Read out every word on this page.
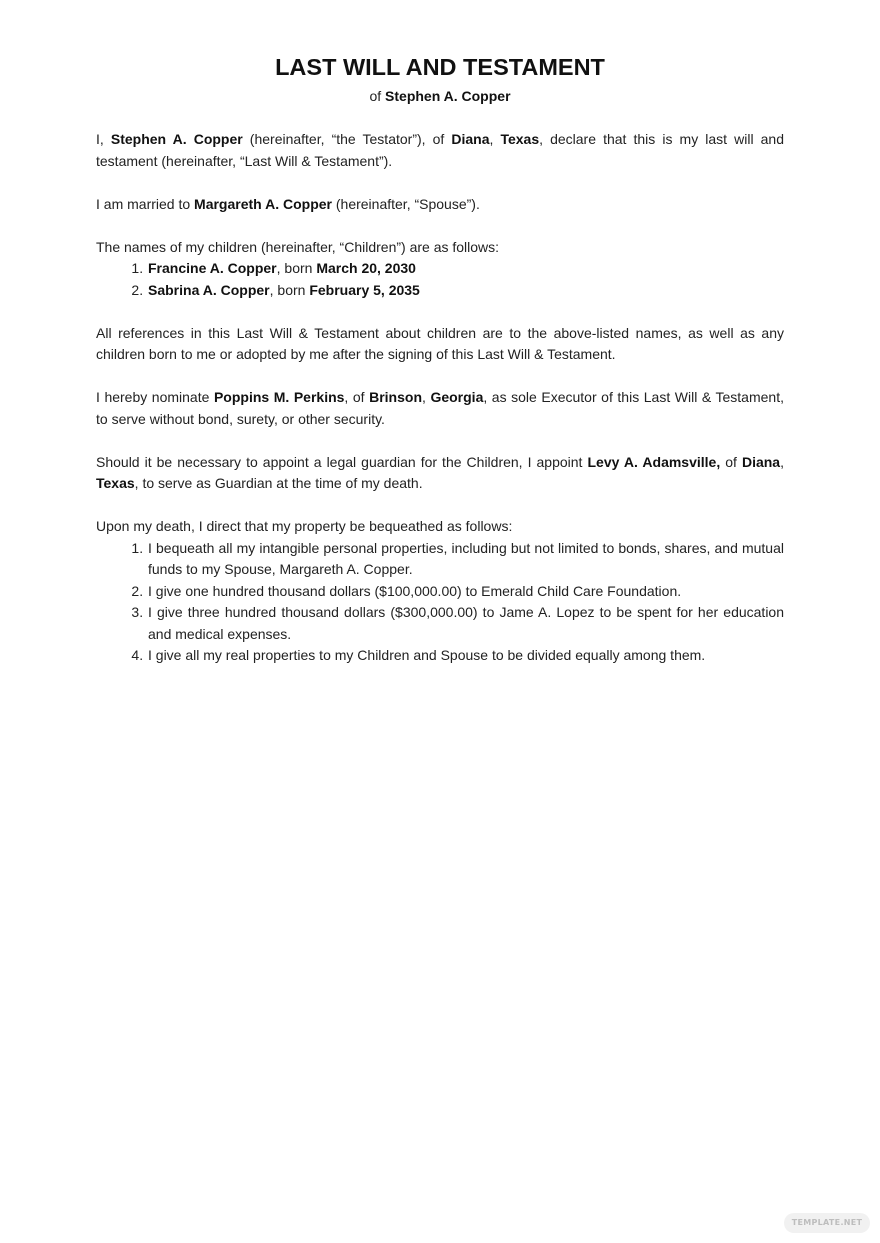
LAST WILL AND TESTAMENT
of Stephen A. Copper

I, Stephen A. Copper (hereinafter, “the Testator”), of Diana, Texas, declare that this is my last will and testament (hereinafter, “Last Will & Testament”).

I am married to Margareth A. Copper (hereinafter, “Spouse”).

The names of my children (hereinafter, “Children”) are as follows:

1. Francine A. Copper, born March 20, 2030
2. Sabrina A. Copper, born February 5, 2035

All references in this Last Will & Testament about children are to the above-listed names, as well as any children born to me or adopted by me after the signing of this Last Will & Testament.

I hereby nominate Poppins M. Perkins, of Brinson, Georgia, as sole Executor of this Last Will & Testament, to serve without bond, surety, or other security.

Should it be necessary to appoint a legal guardian for the Children, I appoint Levy A. Adamsville, of Diana, Texas, to serve as Guardian at the time of my death.

Upon my death, I direct that my property be bequeathed as follows:

1. I bequeath all my intangible personal properties, including but not limited to bonds, shares, and mutual funds to my Spouse, Margareth A. Copper.
2. I give one hundred thousand dollars ($100,000.00) to Emerald Child Care Foundation.
3. I give three hundred thousand dollars ($300,000.00) to Jame A. Lopez to be spent for her education and medical expenses.
4. I give all my real properties to my Children and Spouse to be divided equally among them.
TEMPLATE.NET
